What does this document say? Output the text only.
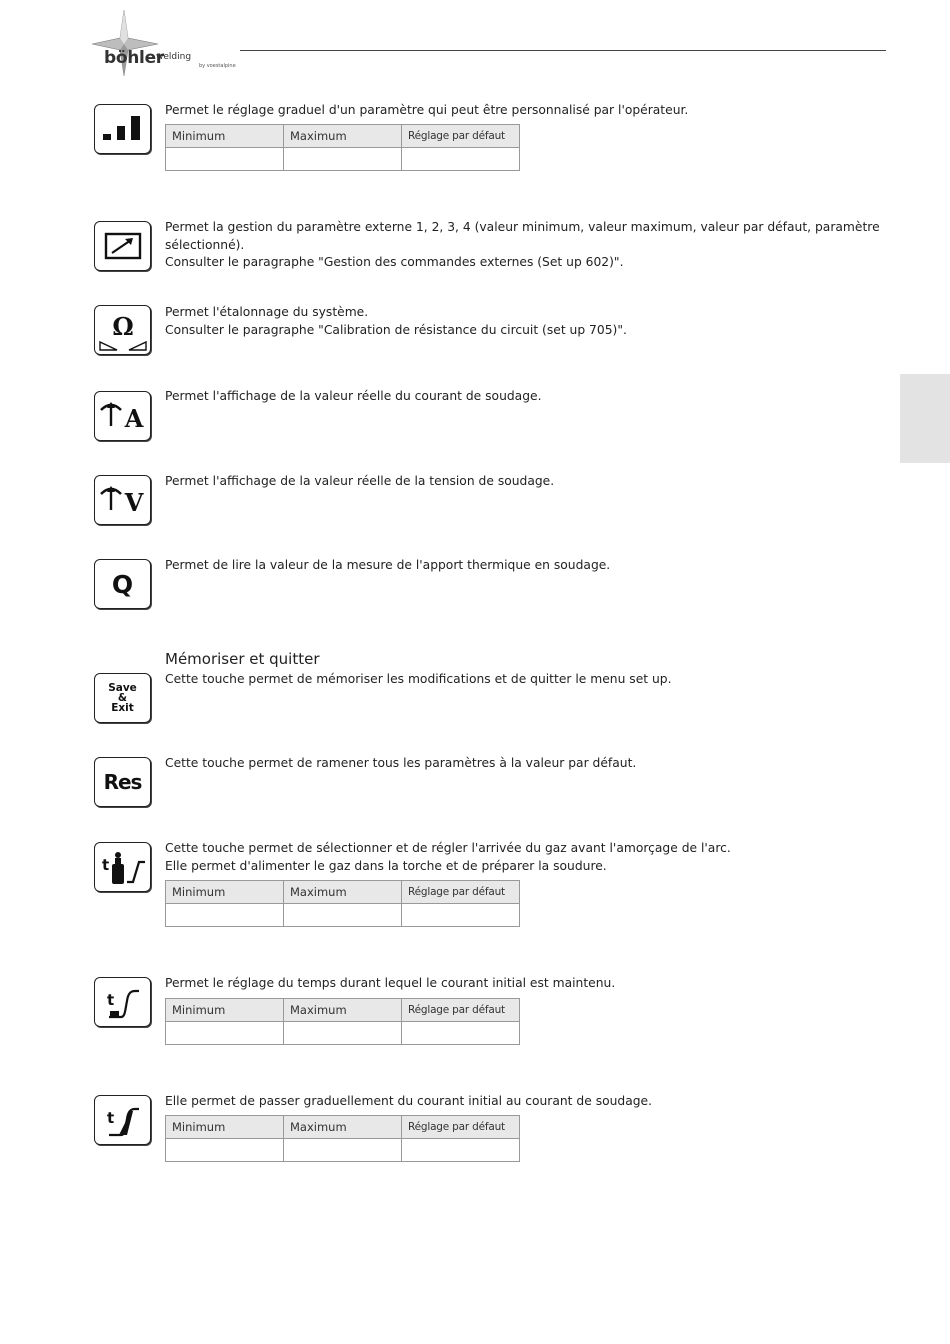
böhler
welding
by voestalpine

Permet le réglage graduel d'un paramètre qui peut être personnalisé par l'opérateur.

Minimum	Maximum	Réglage par défaut

Permet la gestion du paramètre externe 1, 2, 3, 4 (valeur minimum, valeur maximum, valeur par défaut, paramètre sélectionné).

Consulter le paragraphe "Gestion des commandes externes (Set up 602)".

Ω	Permet l'étalonnage du système.

Consulter le paragraphe "Calibration de résistance du circuit (set up 705)".

A

Permet l'affichage de la valeur réelle du courant de soudage.

V

Permet l'affichage de la valeur réelle de la tension de soudage.

Q

Permet de lire la valeur de la mesure de l'apport thermique en soudage.

Mémoriser et quitter
Save
&
Exit

Cette touche permet de mémoriser les modifications et de quitter le menu set up.

Res

Cette touche permet de ramener tous les paramètres à la valeur par défaut.

t

Cette touche permet de sélectionner et de régler l'arrivée du gaz avant l'amorçage de l'arc.

Elle permet d'alimenter le gaz dans la torche et de préparer la soudure.

Minimum	Maximum	Réglage par défaut

t

Permet le réglage du temps durant lequel le courant initial est maintenu.

Minimum	Maximum	Réglage par défaut

t

Elle permet de passer graduellement du courant initial au courant de soudage.

Minimum	Maximum	Réglage par défaut
